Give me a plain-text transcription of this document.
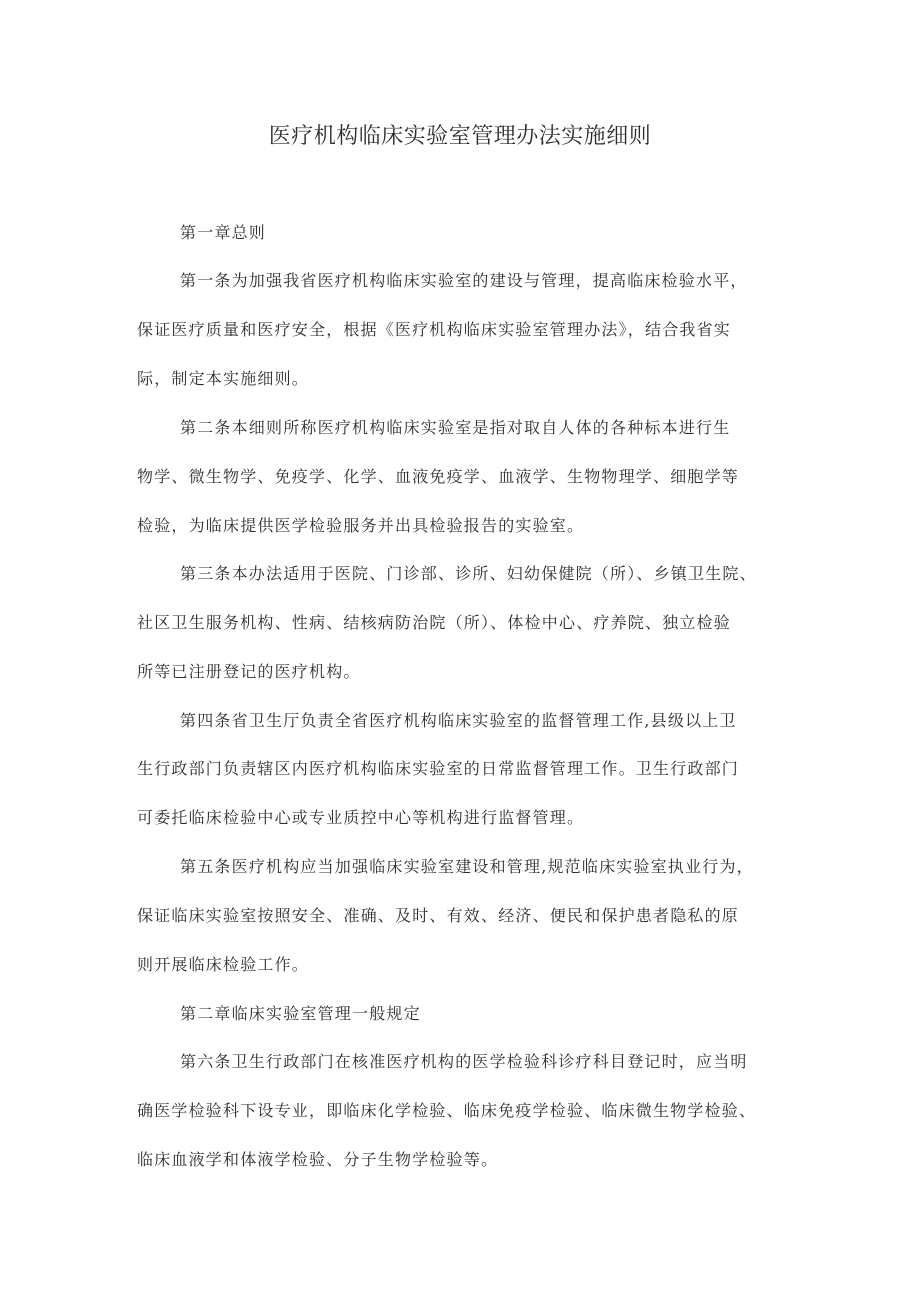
医疗机构临床实验室管理办法实施细则
第一章总则
第一条为加强我省医疗机构临床实验室的建设与管理，提高临床检验水平，
保证医疗质量和医疗安全，根据《医疗机构临床实验室管理办法》，结合我省实
际，制定本实施细则。
第二条本细则所称医疗机构临床实验室是指对取自人体的各种标本进行生
物学、微生物学、免疫学、化学、血液免疫学、血液学、生物物理学、细胞学等
检验，为临床提供医学检验服务并出具检验报告的实验室。
第三条本办法适用于医院、门诊部、诊所、妇幼保健院（所）、乡镇卫生院、
社区卫生服务机构、性病、结核病防治院（所）、体检中心、疗养院、独立检验
所等已注册登记的医疗机构。
第四条省卫生厅负责全省医疗机构临床实验室的监督管理工作,县级以上卫
生行政部门负责辖区内医疗机构临床实验室的日常监督管理工作。卫生行政部门
可委托临床检验中心或专业质控中心等机构进行监督管理。
第五条医疗机构应当加强临床实验室建设和管理,规范临床实验室执业行为，
保证临床实验室按照安全、准确、及时、有效、经济、便民和保护患者隐私的原
则开展临床检验工作。
第二章临床实验室管理一般规定
第六条卫生行政部门在核准医疗机构的医学检验科诊疗科目登记时，应当明
确医学检验科下设专业，即临床化学检验、临床免疫学检验、临床微生物学检验、
临床血液学和体液学检验、分子生物学检验等。
